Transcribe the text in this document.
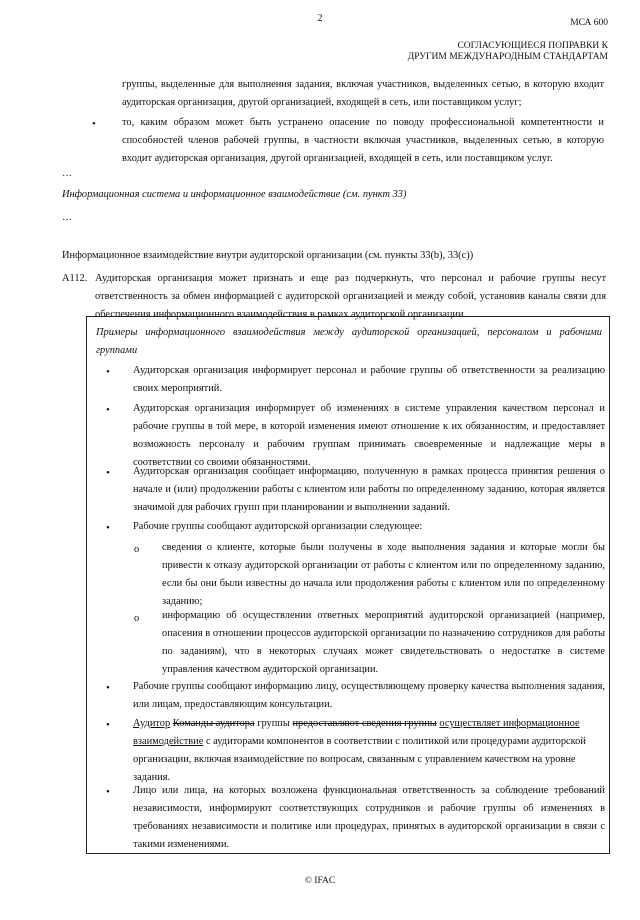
2	МСА 600
СОГЛАСУЮЩИЕСЯ ПОПРАВКИ К
ДРУГИМ МЕЖДУНАРОДНЫМ СТАНДАРТАМ
группы, выделенные для выполнения задания, включая участников, выделенных сетью, в которую входит аудиторская организация, другой организацией, входящей в сеть, или поставщиком услуг;
•	то, каким образом может быть устранено опасение по поводу профессиональной компетентности и способностей членов рабочей группы, в частности включая участников, выделенных сетью, в которую входит аудиторская организация, другой организацией, входящей в сеть, или поставщиком услуг.
…
Информационная система и информационное взаимодействие (см. пункт 33)
…
Информационное взаимодействие внутри аудиторской организации (см. пункты 33(b), 33(c))
A112. Аудиторская организация может признать и еще раз подчеркнуть, что персонал и рабочие группы несут ответственность за обмен информацией с аудиторской организацией и между собой, установив каналы связи для обеспечения информационного взаимодействия в рамках аудиторской организации.
Примеры информационного взаимодействия между аудиторской организацией, персоналом и рабочими группами
• Аудиторская организация информирует персонал и рабочие группы об ответственности за реализацию своих мероприятий.
• Аудиторская организация информирует об изменениях в системе управления качеством персонал и рабочие группы в той мере, в которой изменения имеют отношение к их обязанностям, и предоставляет возможность персоналу и рабочим группам принимать своевременные и надлежащие меры в соответствии со своими обязанностями.
• Аудиторская организация сообщает информацию, полученную в рамках процесса принятия решения о начале и (или) продолжении работы с клиентом или работы по определенному заданию, которая является значимой для рабочих групп при планировании и выполнении заданий.
• Рабочие группы сообщают аудиторской организации следующее:
o сведения о клиенте, которые были получены в ходе выполнения задания и которые могли бы привести к отказу аудиторской организации от работы с клиентом или по определенному заданию, если бы они были известны до начала или продолжения работы с клиентом или по определенному заданию;
o информацию об осуществлении ответных мероприятий аудиторской организацией (например, опасения в отношении процессов аудиторской организации по назначению сотрудников для работы по заданиям), что в некоторых случаях может свидетельствовать о недостатке в системе управления качеством аудиторской организации.
• Рабочие группы сообщают информацию лицу, осуществляющему проверку качества выполнения задания, или лицам, предоставляющим консультации.
• Аудитор Команды аудитора группы предоставляют сведения группы осуществляет информационное взаимодействие с аудиторами компонентов в соответствии с политикой или процедурами аудиторской организации, включая взаимодействие по вопросам, связанным с управлением качеством на уровне задания.
• Лицо или лица, на которых возложена функциональная ответственность за соблюдение требований независимости, информируют соответствующих сотрудников и рабочие группы об изменениях в требованиях независимости и политике или процедурах, принятых в аудиторской организации в связи с такими изменениями.
© IFAC
